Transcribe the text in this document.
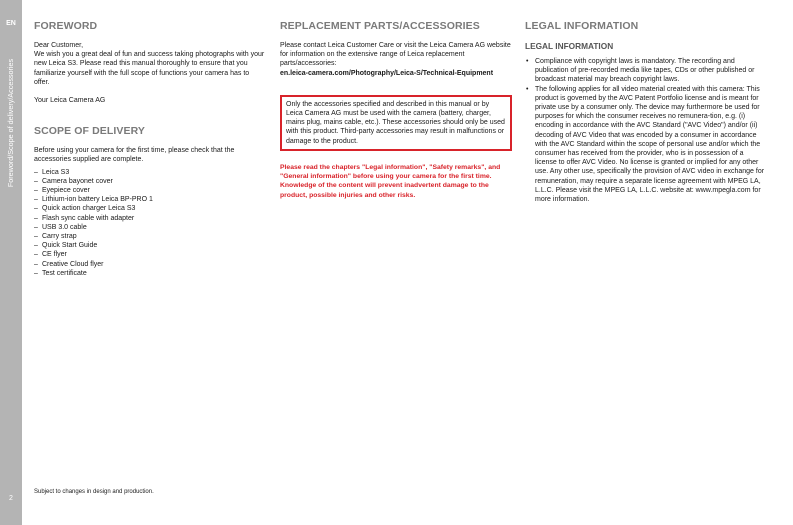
EN
Foreword/Scope of delivery/Accessories
2
FOREWORD

Dear Customer,

We wish you a great deal of fun and success taking photographs with your new Leica S3. Please read this manual thoroughly to ensure that you familiarize yourself with the full scope of functions your camera has to offer.

Your Leica Camera AG

SCOPE OF DELIVERY

Before using your camera for the first time, please check that the accessories supplied are complete.

– Leica S3
– Camera bayonet cover
– Eyepiece cover
– Lithium-ion battery Leica BP-PRO 1
– Quick action charger Leica S3
– Flash sync cable with adapter
– USB 3.0 cable
– Carry strap
– Quick Start Guide
– CE flyer
– Creative Cloud flyer
– Test certificate
REPLACEMENT PARTS/ACCESSORIES

Please contact Leica Customer Care or visit the Leica Camera AG website for information on the extensive range of Leica replacement parts/accessories:

en.leica-camera.com/Photography/Leica-S/Technical-Equipment

Only the accessories specified and described in this manual or by Leica Camera AG must be used with the camera (battery, charger, mains plug, mains cable, etc.). These accessories should only be used with this product. Third-party accessories may result in malfunctions or damage to the product.

Please read the chapters "Legal information", "Safety remarks", and "General information" before using your camera for the first time. Knowledge of the content will prevent inadvertent damage to the product, possible injuries and other risks.

LEGAL INFORMATION
LEGAL INFORMATION
• Compliance with copyright laws is mandatory. The recording and publication of pre-recorded media like tapes, CDs or other published or broadcast material may breach copyright laws.
• The following applies for all video material created with this camera: This product is governed by the AVC Patent Portfolio license and is meant for private use by a consumer only. The device may furthermore be used for purposes for which the consumer receives no remunera-tion, e.g. (i) encoding in accordance with the AVC Standard ("AVC Video") and/or (ii) decoding of AVC Video that was encoded by a consumer in accordance with the AVC Standard within the scope of personal use and/or which the consumer has received from the provider, who is in possession of a license to offer AVC Video. No license is granted or implied for any other use. Any other use, specifically the provision of AVC video in exchange for remuneration, may require a separate license agreement with MPEG LA, L.L.C. Please visit the MPEG LA, L.L.C. website at: www.mpegla.com for more information.
Subject to changes in design and production.
